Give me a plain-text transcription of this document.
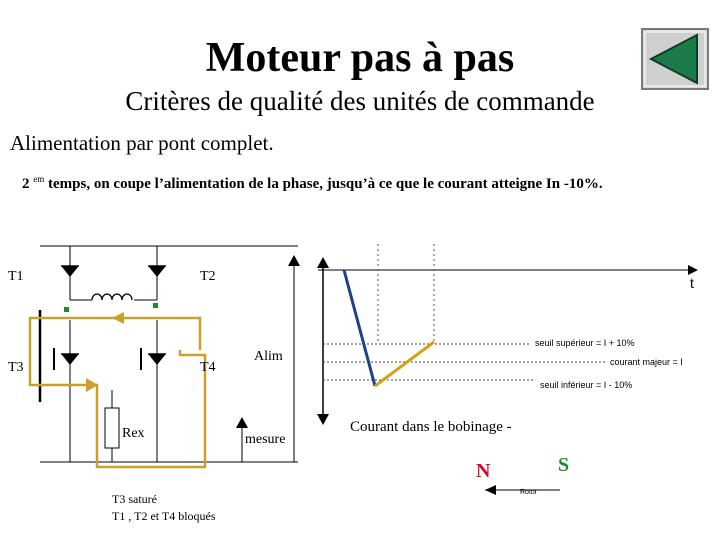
Moteur pas à pas
Critères de qualité des unités de commande
Alimentation par pont complet.
2 $^{em}$ temps, on coupe l’alimentation de la phase, jusqu’à ce que le courant atteigne In -10%.
T1	T2
T3	T4
Alim
Rex	mesure
T3 saturé
T1 , T2 et T4 bloqués
t
seuil supérieur = I + 10%
courant majeur = I
seuil inférieur = I - 10%
Courant dans le bobinage -
N	S
Rotor
